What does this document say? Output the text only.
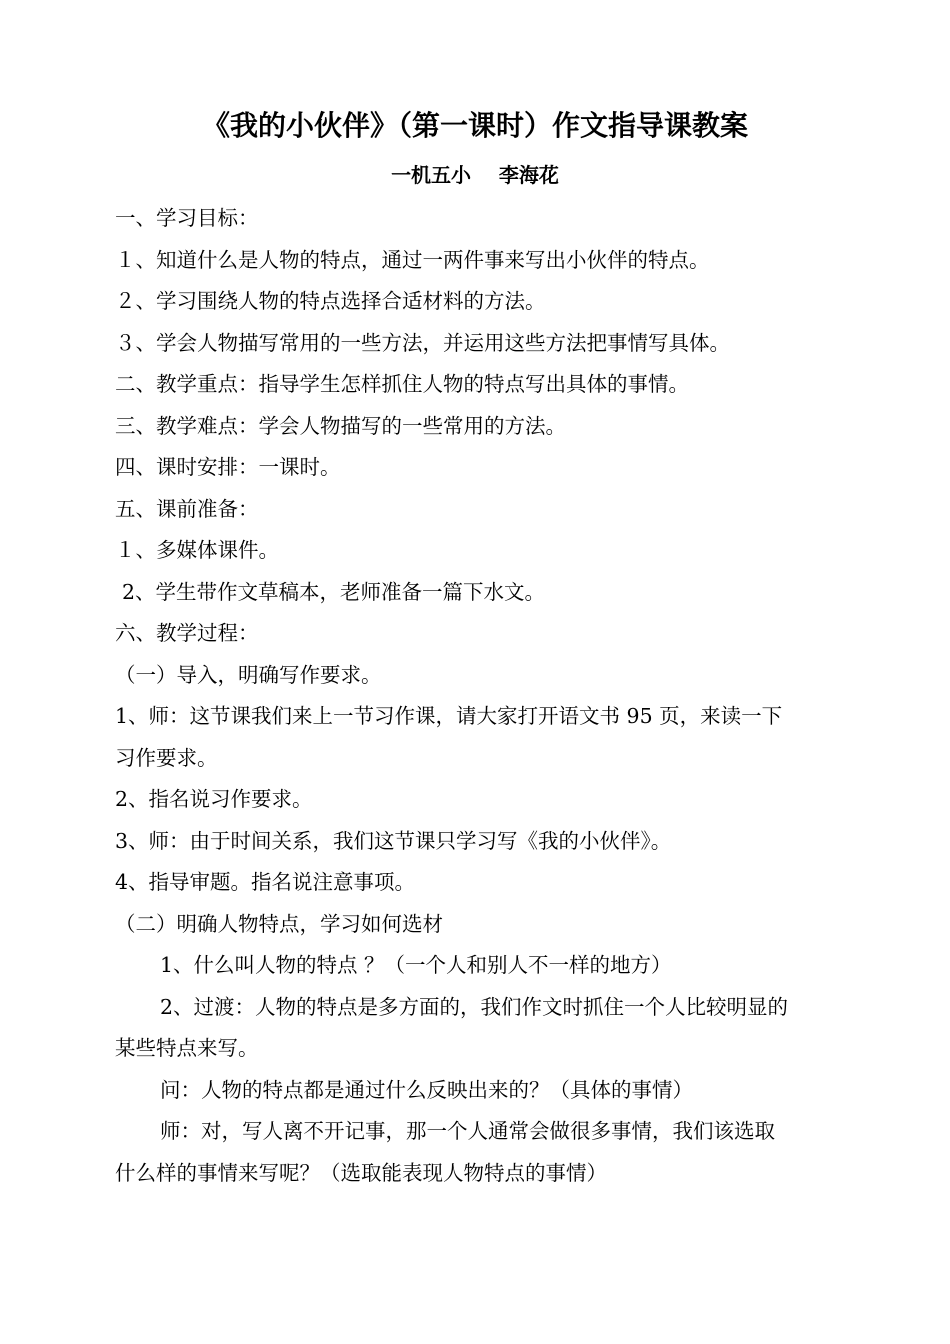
《我的小伙伴》（第一课时）作文指导课教案
一机五小    李海花

一、学习目标：

１、知道什么是人物的特点，通过一两件事来写出小伙伴的特点。

２、学习围绕人物的特点选择合适材料的方法。

３、学会人物描写常用的一些方法，并运用这些方法把事情写具体。

二、教学重点：指导学生怎样抓住人物的特点写出具体的事情。

三、教学难点：学会人物描写的一些常用的方法。

四、课时安排：一课时。

五、课前准备：

１、多媒体课件。

2、学生带作文草稿本，老师准备一篇下水文。

六、教学过程：

（一）导入，明确写作要求。

1、师：这节课我们来上一节习作课，请大家打开语文书 95 页，来读一下

习作要求。

2、指名说习作要求。

3、师：由于时间关系，我们这节课只学习写《我的小伙伴》。

4、指导审题。指名说注意事项。

（二）明确人物特点，学习如何选材

1、什么叫人物的特点 ？（一个人和别人不一样的地方）

2、过渡：人物的特点是多方面的，我们作文时抓住一个人比较明显的

某些特点来写。

问：人物的特点都是通过什么反映出来的？（具体的事情）

师：对，写人离不开记事，那一个人通常会做很多事情，我们该选取

什么样的事情来写呢？（选取能表现人物特点的事情）
